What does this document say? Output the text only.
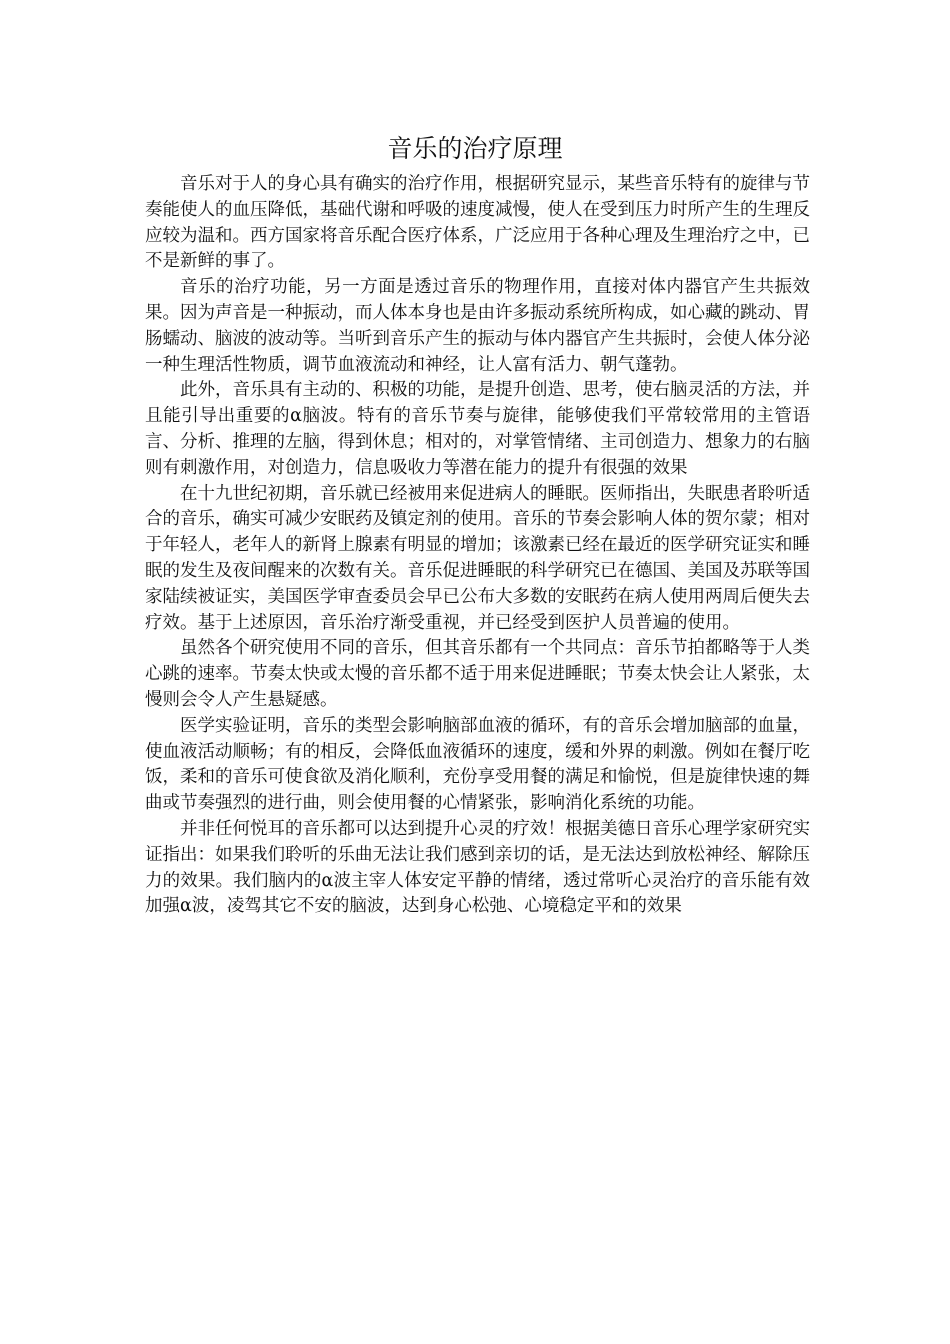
音乐的治疗原理

音乐对于人的身心具有确实的治疗作用，根据研究显示，某些音乐特有的旋律与节奏能使人的血压降低，基础代谢和呼吸的速度减慢，使人在受到压力时所产生的生理反应较为温和。西方国家将音乐配合医疗体系，广泛应用于各种心理及生理治疗之中，已不是新鲜的事了。

音乐的治疗功能，另一方面是透过音乐的物理作用，直接对体内器官产生共振效果。因为声音是一种振动，而人体本身也是由许多振动系统所构成，如心藏的跳动、胃肠蠕动、脑波的波动等。当听到音乐产生的振动与体内器官产生共振时，会使人体分泌一种生理活性物质，调节血液流动和神经，让人富有活力、朝气蓬勃。

此外，音乐具有主动的、积极的功能，是提升创造、思考，使右脑灵活的方法，并且能引导出重要的α脑波。特有的音乐节奏与旋律，能够使我们平常较常用的主管语言、分析、推理的左脑，得到休息；相对的，对掌管情绪、主司创造力、想象力的右脑则有刺激作用，对创造力，信息吸收力等潜在能力的提升有很强的效果

在十九世纪初期，音乐就已经被用来促进病人的睡眠。医师指出，失眠患者聆听适合的音乐，确实可减少安眠药及镇定剂的使用。音乐的节奏会影响人体的贺尔蒙；相对于年轻人，老年人的新肾上腺素有明显的增加；该激素已经在最近的医学研究证实和睡眠的发生及夜间醒来的次数有关。音乐促进睡眠的科学研究已在德国、美国及苏联等国家陆续被证实，美国医学审查委员会早已公布大多数的安眠药在病人使用两周后便失去疗效。基于上述原因，音乐治疗渐受重视，并已经受到医护人员普遍的使用。

虽然各个研究使用不同的音乐，但其音乐都有一个共同点：音乐节拍都略等于人类心跳的速率。节奏太快或太慢的音乐都不适于用来促进睡眠；节奏太快会让人紧张，太慢则会令人产生悬疑感。

医学实验证明，音乐的类型会影响脑部血液的循环，有的音乐会增加脑部的血量，使血液活动顺畅；有的相反，会降低血液循环的速度，缓和外界的刺激。例如在餐厅吃饭，柔和的音乐可使食欲及消化顺利，充份享受用餐的满足和愉悦，但是旋律快速的舞曲或节奏强烈的进行曲，则会使用餐的心情紧张，影响消化系统的功能。

并非任何悦耳的音乐都可以达到提升心灵的疗效！根据美德日音乐心理学家研究实证指出：如果我们聆听的乐曲无法让我们感到亲切的话，是无法达到放松神经、解除压力的效果。我们脑内的α波主宰人体安定平静的情绪，透过常听心灵治疗的音乐能有效加强α波，凌驾其它不安的脑波，达到身心松弛、心境稳定平和的效果
